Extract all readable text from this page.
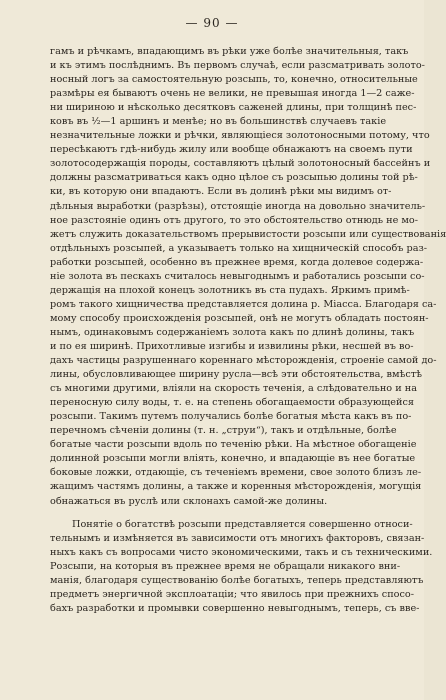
— 90 —
гамъ и рѣчкамъ, впадающимъ въ рѣки уже болѣе значительныя, такъ
и къ этимъ послѣднимъ. Въ первомъ случаѣ, если разсматривать золото-
носный логъ за самостоятельную розсыпь, то, конечно, относительные
размѣры ея бываютъ очень не велики, не превышая иногда 1—2 саже-
ни шириною и нѣсколько десятковъ саженей длины, при толщинѣ пес-
ковъ въ ½—1 аршинъ и менѣе; но въ большинствѣ случаевъ такіе
незначительные ложки и рѣчки, являющіеся золотоносными потому, что
пересѣкаютъ гдѣ-нибудь жилу или вообще обнажаютъ на своемъ пути
золотосодержащія породы, составляютъ цѣлый золотоносный бассейнъ и
должны разсматриваться какъ одно цѣлое съ розсыпью долины той рѣ-
ки, въ которую они впадаютъ. Если въ долинѣ рѣки мы видимъ от-
дѣльныя выработки (разрѣзы), отстоящіе иногда на довольно значитель-
ное разстояніе одинъ отъ другого, то это обстоятельство отнюдь не мо-
жетъ служить доказательствомъ прерывистости розсыпи или существованія
отдѣльныхъ розсыпей, а указываетъ только на хищническій способъ раз-
работки розсыпей, особенно въ прежнее время, когда долевое содержа-
ніе золота въ пескахъ считалось невыгоднымъ и работались розсыпи со-
держащія на плохой конецъ золотникъ въ ста пудахъ. Яркимъ примѣ-
ромъ такого хищничества представляется долина р. Міасса. Благодаря са-
мому способу происхожденія розсыпей, онѣ не могутъ обладать постоян-
нымъ, одинаковымъ содержаніемъ золота какъ по длинѣ долины, такъ
и по ея ширинѣ. Прихотливые изгибы и извилины рѣки, несшей въ во-
дахъ частицы разрушеннаго кореннаго мѣсторожденія, строеніе самой до-
лины, обусловливающее ширину русла—всѣ эти обстоятельства, вмѣстѣ
съ многими другими, вліяли на скорость теченія, а слѣдовательно и на
переносную силу воды, т. е. на степень обогащаемости образующейся
розсыпи. Такимъ путемъ получались болѣе богатыя мѣста какъ въ по-
перечномъ сѣченіи долины (т. н. „струи“), такъ и отдѣльные, болѣе
богатые части розсыпи вдоль по теченію рѣки. На мѣстное обогащеніе
долинной розсыпи могли вліять, конечно, и впадающіе въ нее богатые
боковые ложки, отдающіе, съ теченіемъ времени, свое золото близъ ле-
жащимъ частямъ долины, а также и коренныя мѣсторожденія, могущія
обнажаться въ руслѣ или склонахъ самой-же долины.
Понятіе о богатствѣ розсыпи представляется совершенно относи-
тельнымъ и измѣняется въ зависимости отъ многихъ факторовъ, связан-
ныхъ какъ съ вопросами чисто экономическими, такъ и съ техническими.
Розсыпи, на которыя въ прежнее время не обращали никакого вни-
манія, благодаря существованію болѣе богатыхъ, теперь представляютъ
предметъ энергичной эксплоатаціи; что явилось при прежнихъ спосо-
бахъ разработки и промывки совершенно невыгоднымъ, теперь, съ вве-
